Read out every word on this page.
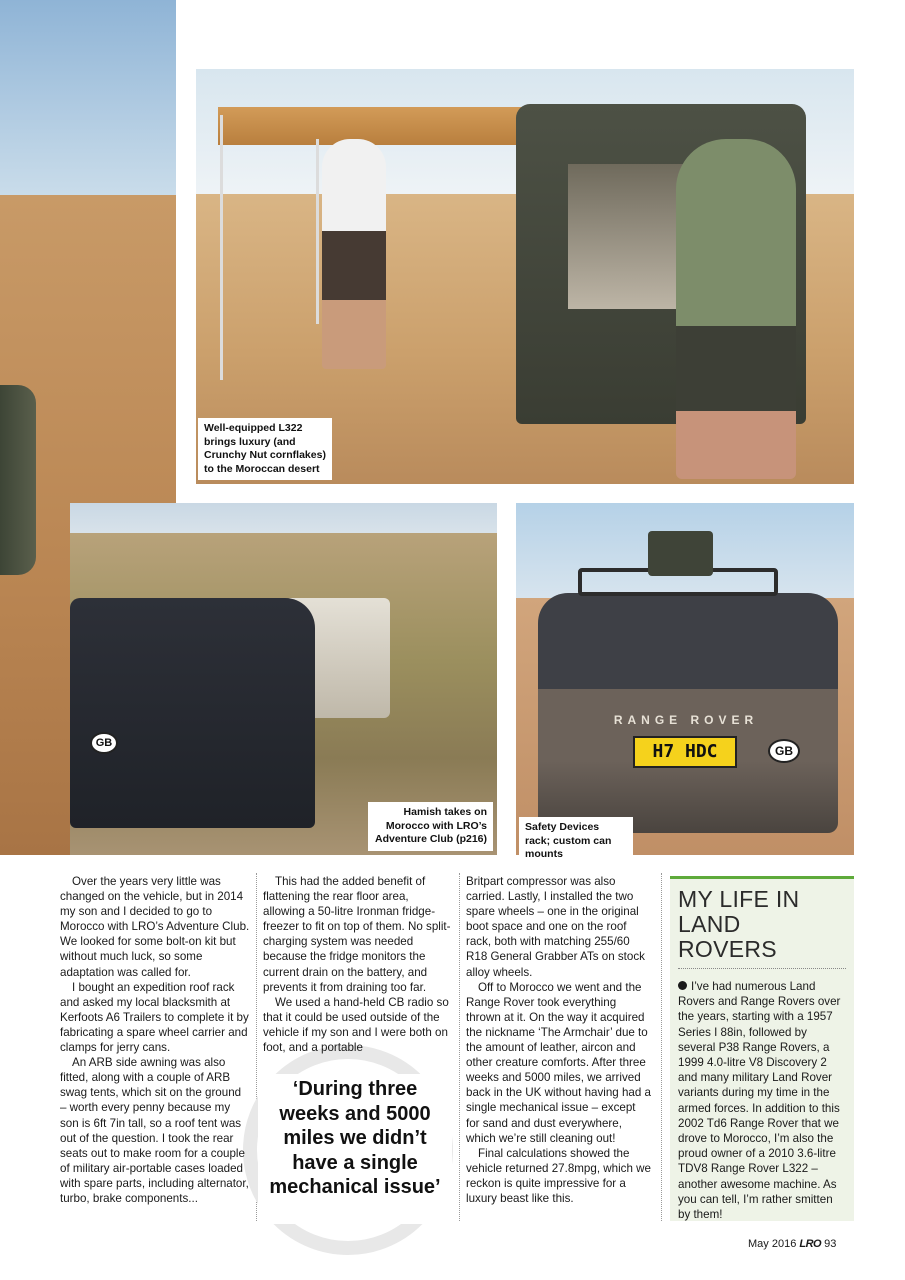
GB
RANGE ROVER
H7 HDC	GB
Well-equipped L322 brings luxury (and Crunchy Nut cornflakes) to the Moroccan desert
Hamish takes on Morocco with LRO’s Adventure Club (p216)
Safety Devices rack; custom can mounts

Over the years very little was changed on the vehicle, but in 2014 my son and I decided to go to Morocco with LRO’s Adventure Club. We looked for some bolt-on kit but without much luck, so some adaptation was called for.

I bought an expedition roof rack and asked my local blacksmith at Kerfoots A6 Trailers to complete it by fabricating a spare wheel carrier and clamps for jerry cans.

An ARB side awning was also fitted, along with a couple of ARB swag tents, which sit on the ground – worth every penny because my son is 6ft 7in tall, so a roof tent was out of the question. I took the rear seats out to make room for a couple of military air-portable cases loaded with spare parts, including alternator, turbo, brake components...

This had the added benefit of flattening the rear floor area, allowing a 50-litre Ironman fridge-freezer to fit on top of them. No split-charging system was needed because the fridge monitors the current drain on the battery, and prevents it from draining too far.

We used a hand-held CB radio so that it could be used outside of the vehicle if my son and I were both on foot, and a portable

Britpart compressor was also carried. Lastly, I installed the two spare wheels – one in the original boot space and one on the roof rack, both with matching 255/60 R18 General Grabber ATs on stock alloy wheels.

Off to Morocco we went and the Range Rover took everything thrown at it. On the way it acquired the nickname ‘The Armchair’ due to the amount of leather, aircon and other creature comforts. After three weeks and 5000 miles, we arrived back in the UK without having had a single mechanical issue – except for sand and dust everywhere, which we’re still cleaning out!

Final calculations showed the vehicle returned 27.8mpg, which we reckon is quite impressive for a luxury beast like this.

‘During three weeks and 5000 miles we didn’t have a single mechanical issue’
MY LIFE IN LAND ROVERS
I’ve had numerous Land Rovers and Range Rovers over the years, starting with a 1957 Series I 88in, followed by several P38 Range Rovers, a 1999 4.0-litre V8 Discovery 2 and many military Land Rover variants during my time in the armed forces. In addition to this 2002 Td6 Range Rover that we drove to Morocco, I’m also the proud owner of a 2010 3.6-litre TDV8 Range Rover L322 – another awesome machine. As you can tell, I’m rather smitten by them!
May 2016 LRO 93
